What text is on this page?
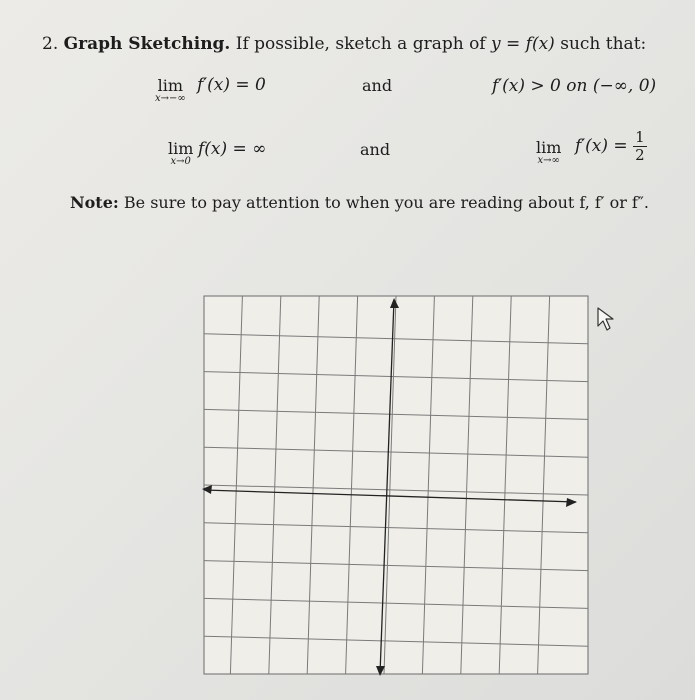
2. Graph Sketching. If possible, sketch a graph of y = f(x) such that:
lim
x→−∞
f′(x) = 0	and	f′(x) > 0 on (−∞, 0)
lim
x→0
f(x) = ∞	and	lim
x→∞
$f'(x) = \frac{1}{2}$
Note: Be sure to pay attention to when you are reading about f, f′ or f″.
